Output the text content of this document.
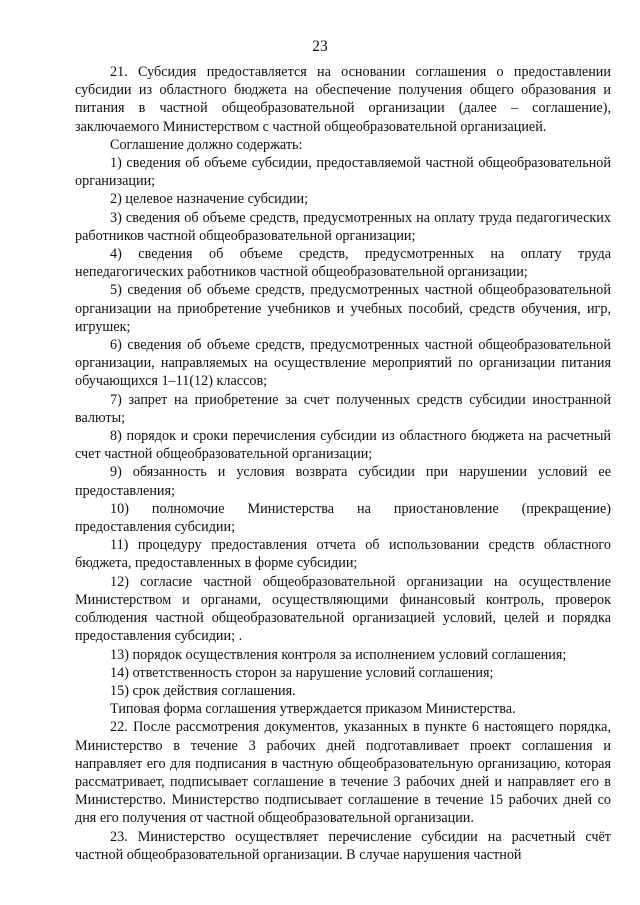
23

21. Субсидия предоставляется на основании соглашения о предоставлении субсидии из областного бюджета на обеспечение получения общего образования и питания в частной общеобразовательной организации (далее – соглашение), заключаемого Министерством с частной общеобразовательной организацией.

Соглашение должно содержать:

1) сведения об объеме субсидии, предоставляемой частной общеобразовательной организации;

2) целевое назначение субсидии;

3) сведения об объеме средств, предусмотренных на оплату труда педагогических работников частной общеобразовательной организации;

4) сведения об объеме средств, предусмотренных на оплату труда непедагогических работников частной общеобразовательной организации;

5) сведения об объеме средств, предусмотренных частной общеобразовательной организации на приобретение учебников и учебных пособий, средств обучения, игр, игрушек;

6) сведения об объеме средств, предусмотренных частной общеобразовательной организации, направляемых на осуществление мероприятий по организации питания обучающихся 1–11(12) классов;

7) запрет на приобретение за счет полученных средств субсидии иностранной валюты;

8) порядок и сроки перечисления субсидии из областного бюджета на расчетный счет частной общеобразовательной организации;

9) обязанность и условия возврата субсидии при нарушении условий ее предоставления;

10) полномочие Министерства на приостановление (прекращение) предоставления субсидии;

11) процедуру предоставления отчета об использовании средств областного бюджета, предоставленных в форме субсидии;

12) согласие частной общеобразовательной организации на осуществление Министерством и органами, осуществляющими финансовый контроль, проверок соблюдения частной общеобразовательной организацией условий, целей и порядка предоставления субсидии; .

13) порядок осуществления контроля за исполнением условий соглашения;

14) ответственность сторон за нарушение условий соглашения;

15) срок действия соглашения.

Типовая форма соглашения утверждается приказом Министерства.

22. После рассмотрения документов, указанных в пункте 6 настоящего порядка, Министерство в течение 3 рабочих дней подготавливает проект соглашения и направляет его для подписания в частную общеобразовательную организацию, которая рассматривает, подписывает соглашение в течение 3 рабочих дней и направляет его в Министерство. Министерство подписывает соглашение в течение 15 рабочих дней со дня его получения от частной общеобразовательной организации.

23. Министерство осуществляет перечисление субсидии на расчетный счёт частной общеобразовательной организации. В случае нарушения частной
